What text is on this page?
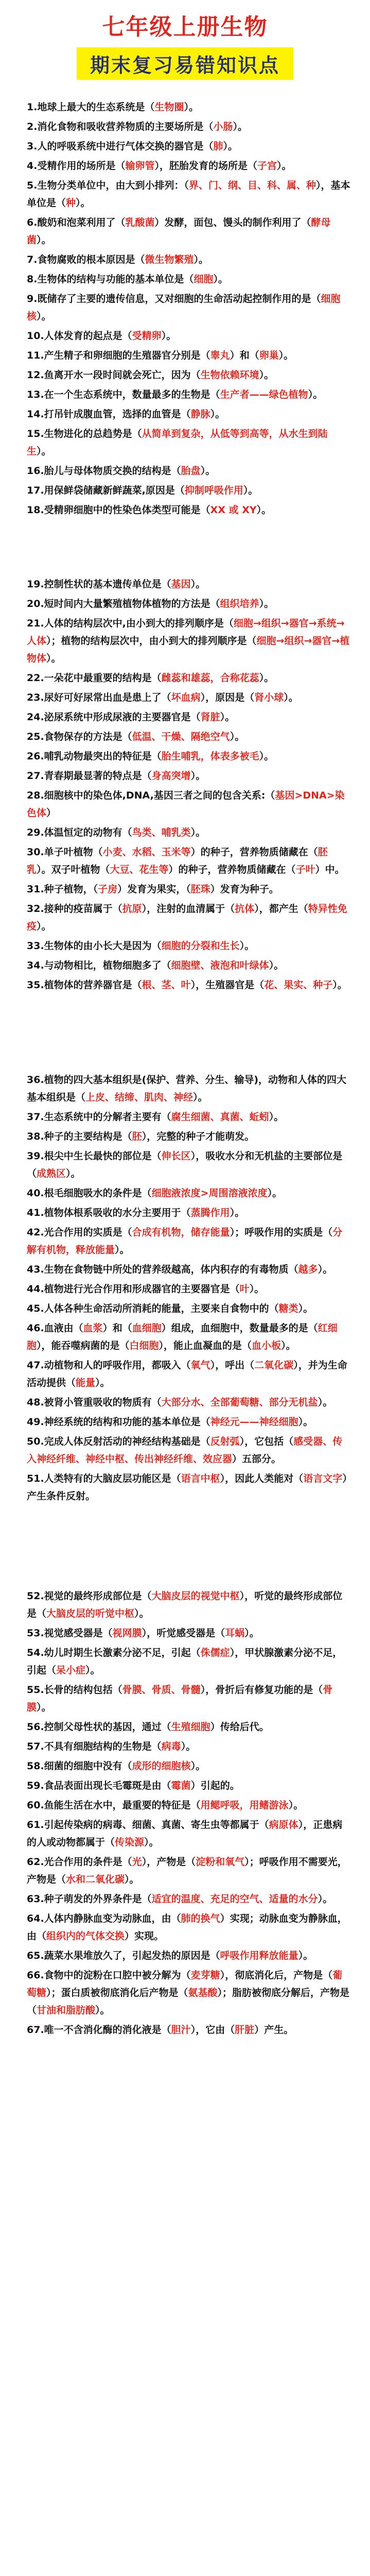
七年级上册生物
期末复习易错知识点
1.地球上最大的生态系统是（生物圈）。
2.消化食物和吸收营养物质的主要场所是（小肠）。
3.人的呼吸系统中进行气体交换的器官是（肺）。
4.受精作用的场所是（输卵管），胚胎发育的场所是（子宫）。
5.生物分类单位中，由大到小排列：（界、门、纲、目、科、属、种），基本单位是（种）。
6.酸奶和泡菜利用了（乳酸菌）发酵，面包、馒头的制作利用了（酵母菌）。
7.食物腐败的根本原因是（微生物繁殖）。
8.生物体的结构与功能的基本单位是（细胞）。
9.既储存了主要的遗传信息，又对细胞的生命活动起控制作用的是（细胞核）。
10.人体发育的起点是（受精卵）。
11.产生精子和卵细胞的生殖器官分别是（睾丸）和（卵巢）。
12.鱼离开水一段时间就会死亡，因为（生物依赖环境）。
13.在一个生态系统中，数量最多的生物是（生产者——绿色植物）。
14.打吊针成腹血管，选择的血管是（静脉）。
15.生物进化的总趋势是（从简单到复杂，从低等到高等，从水生到陆生）。
16.胎儿与母体物质交换的结构是（胎盘）。
17.用保鲜袋储藏新鲜蔬菜,原因是（抑制呼吸作用）。
18.受精卵细胞中的性染色体类型可能是（XX 或 XY）。
19.控制性状的基本遗传单位是（基因）。
20.短时间内大量繁殖植物体植物的方法是（组织培养）。
21.人体的结构层次中,由小到大的排列顺序是（细胞→组织→器官→系统→人体）；植物的结构层次中，由小到大的排列顺序是（细胞→组织→器官→植物体）。
22.一朵花中最重要的结构是（雌蕊和雄蕊，合称花蕊）。
23.尿好可好尿常出血是患上了（坏血病），原因是（肾小球）。
24.泌尿系统中形成尿液的主要器官是（肾脏）。
25.食物保存的方法是（低温、干燥、隔绝空气）。
26.哺乳动物最突出的特征是（胎生哺乳，体表多被毛）。
27.青春期最显著的特点是（身高突增）。
28.细胞核中的染色体,DNA,基因三者之间的包含关系:（基因>DNA>染色体）
29.体温恒定的动物有（鸟类、哺乳类）。
30.单子叶植物（小麦、水稻、玉米等）的种子，营养物质储藏在（胚乳）。双子叶植物（大豆、花生等）的种子，营养物质储藏在（子叶）中。
31.种子植物，（子房）发育为果实，（胚珠）发育为种子。
32.接种的疫苗属于（抗原），注射的血清属于（抗体），都产生（特异性免疫）。
33.生物体的由小长大是因为（细胞的分裂和生长）。
34.与动物相比，植物细胞多了（细胞壁、液泡和叶绿体）。
35.植物体的营养器官是（根、茎、叶），生殖器官是（花、果实、种子）。
36.植物的四大基本组织是(保护、营养、分生、输导)，动物和人体的四大基本组织是（上皮、结缔、肌肉、神经）。
37.生态系统中的分解者主要有（腐生细菌、真菌、蚯蚓）。
38.种子的主要结构是（胚），完整的种子才能萌发。
39.根尖中生长最快的部位是（伸长区），吸收水分和无机盐的主要部位是（成熟区）。
40.根毛细胞吸水的条件是（细胞液浓度>周围溶液浓度）。
41.植物体根系吸收的水分主要用于（蒸腾作用）。
42.光合作用的实质是（合成有机物，储存能量）；呼吸作用的实质是（分解有机物，释放能量）。
43.生物在食物链中所处的营养级越高，体内积存的有毒物质（越多）。
44.植物进行光合作用和形成器官的主要器官是（叶）。
45.人体各种生命活动所消耗的能量，主要来自食物中的（糖类）。
46.血液由（血浆）和（血细胞）组成，血细胞中，数量最多的是（红细胞），能吞噬病菌的是（白细胞），能止血凝血的是（血小板）。
47.动植物和人的呼吸作用，都吸入（氧气），呼出（二氧化碳），并为生命活动提供（能量）。
48.被肾小管重吸收的物质有（大部分水、全部葡萄糖、部分无机盐）。
49.神经系统的结构和功能的基本单位是（神经元——神经细胞）。
50.完成人体反射活动的神经结构基础是（反射弧），它包括（感受器、传入神经纤维、神经中枢、传出神经纤维、效应器）五部分。
51.人类特有的大脑皮层功能区是（语言中枢），因此人类能对（语言文字）产生条件反射。
52.视觉的最终形成部位是（大脑皮层的视觉中枢），听觉的最终形成部位是（大脑皮层的听觉中枢）。
53.视觉感受器是（视网膜），听觉感受器是（耳蜗）。
54.幼儿时期生长激素分泌不足，引起（侏儒症），甲状腺激素分泌不足，引起（呆小症）。
55.长骨的结构包括（骨膜、骨质、骨髓），骨折后有修复功能的是（骨膜）。
56.控制父母性状的基因，通过（生殖细胞）传给后代。
57.不具有细胞结构的生物是（病毒）。
58.细菌的细胞中没有（成形的细胞核）。
59.食品表面出现长毛霉斑是由（霉菌）引起的。
60.鱼能生活在水中，最重要的特征是（用鳃呼吸，用鳍游泳）。
61.引起传染病的病毒、细菌、真菌、寄生虫等都属于（病原体），正患病的人或动物都属于（传染源）。
62.光合作用的条件是（光），产物是（淀粉和氧气）；呼吸作用不需要光，产物是（水和二氧化碳）。
63.种子萌发的外界条件是（适宜的温度、充足的空气、适量的水分）。
64.人体内静脉血变为动脉血，由（肺的换气）实现；动脉血变为静脉血，由（组织内的气体交换）实现。
65.蔬菜水果堆放久了，引起发热的原因是（呼吸作用释放能量）。
66.食物中的淀粉在口腔中被分解为（麦芽糖），彻底消化后，产物是（葡萄糖）；蛋白质被彻底消化后产物是（氨基酸）；脂肪被彻底分解后，产物是（甘油和脂肪酸）。
67.唯一不含消化酶的消化液是（胆汁），它由（肝脏）产生。
